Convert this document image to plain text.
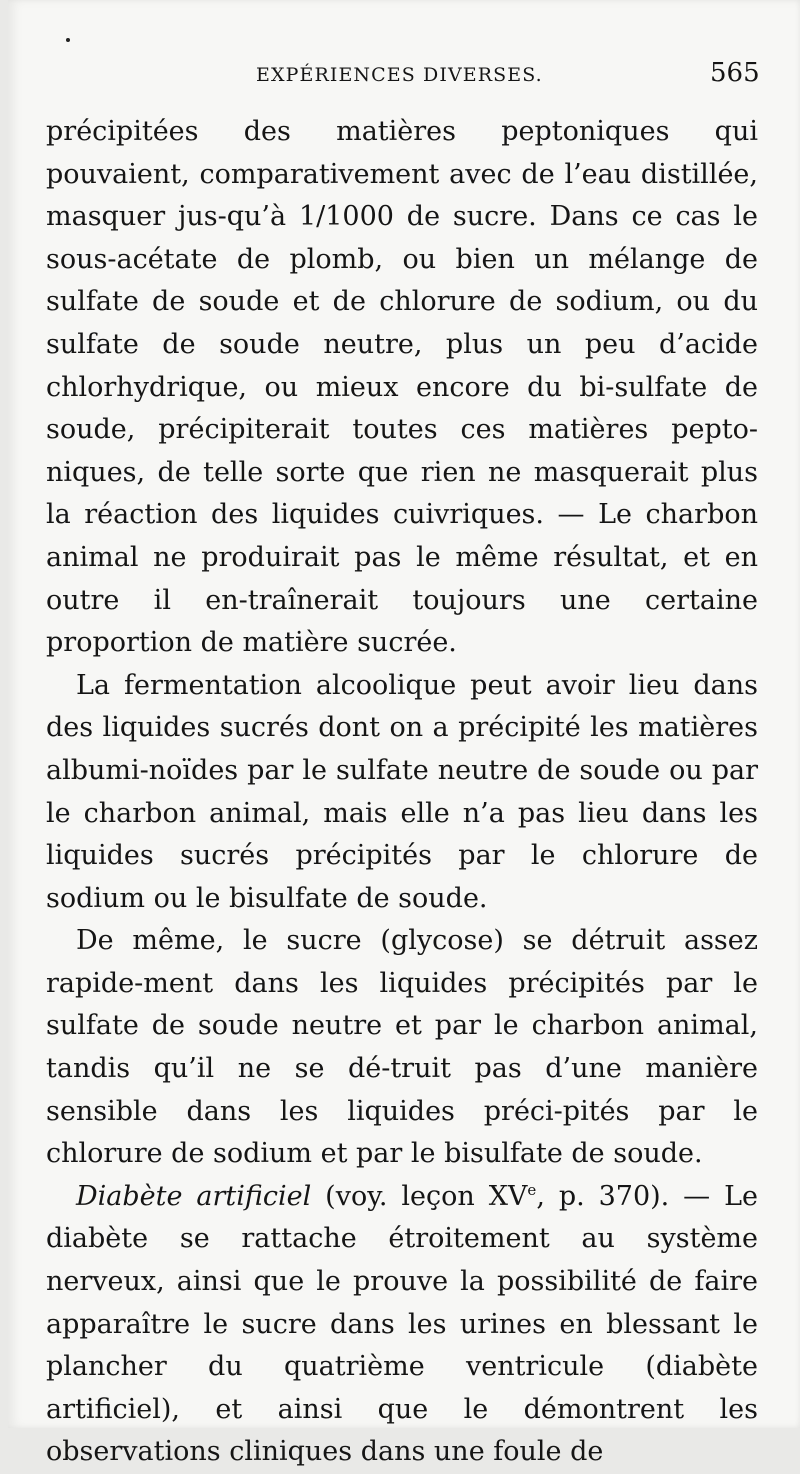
EXPÉRIENCES DIVERSES.	565

précipitées des matières peptoniques qui pouvaient, comparativement avec de l’eau distillée, masquer jus-qu’à 1/1000 de sucre. Dans ce cas le sous-acétate de plomb, ou bien un mélange de sulfate de soude et de chlorure de sodium, ou du sulfate de soude neutre, plus un peu d’acide chlorhydrique, ou mieux encore du bi-sulfate de soude, précipiterait toutes ces matières pepto-niques, de telle sorte que rien ne masquerait plus la réaction des liquides cuivriques. — Le charbon animal ne produirait pas le même résultat, et en outre il en-traînerait toujours une certaine proportion de matière sucrée.

La fermentation alcoolique peut avoir lieu dans des liquides sucrés dont on a précipité les matières albumi-noïdes par le sulfate neutre de soude ou par le charbon animal, mais elle n’a pas lieu dans les liquides sucrés précipités par le chlorure de sodium ou le bisulfate de soude.

De même, le sucre (glycose) se détruit assez rapide-ment dans les liquides précipités par le sulfate de soude neutre et par le charbon animal, tandis qu’il ne se dé-truit pas d’une manière sensible dans les liquides préci-pités par le chlorure de sodium et par le bisulfate de soude.

Diabète artificiel (voy. leçon XVe, p. 370). — Le diabète se rattache étroitement au système nerveux, ainsi que le prouve la possibilité de faire apparaître le sucre dans les urines en blessant le plancher du quatrième ventricule (diabète artificiel), et ainsi que le démontrent les observations cliniques dans une foule de
